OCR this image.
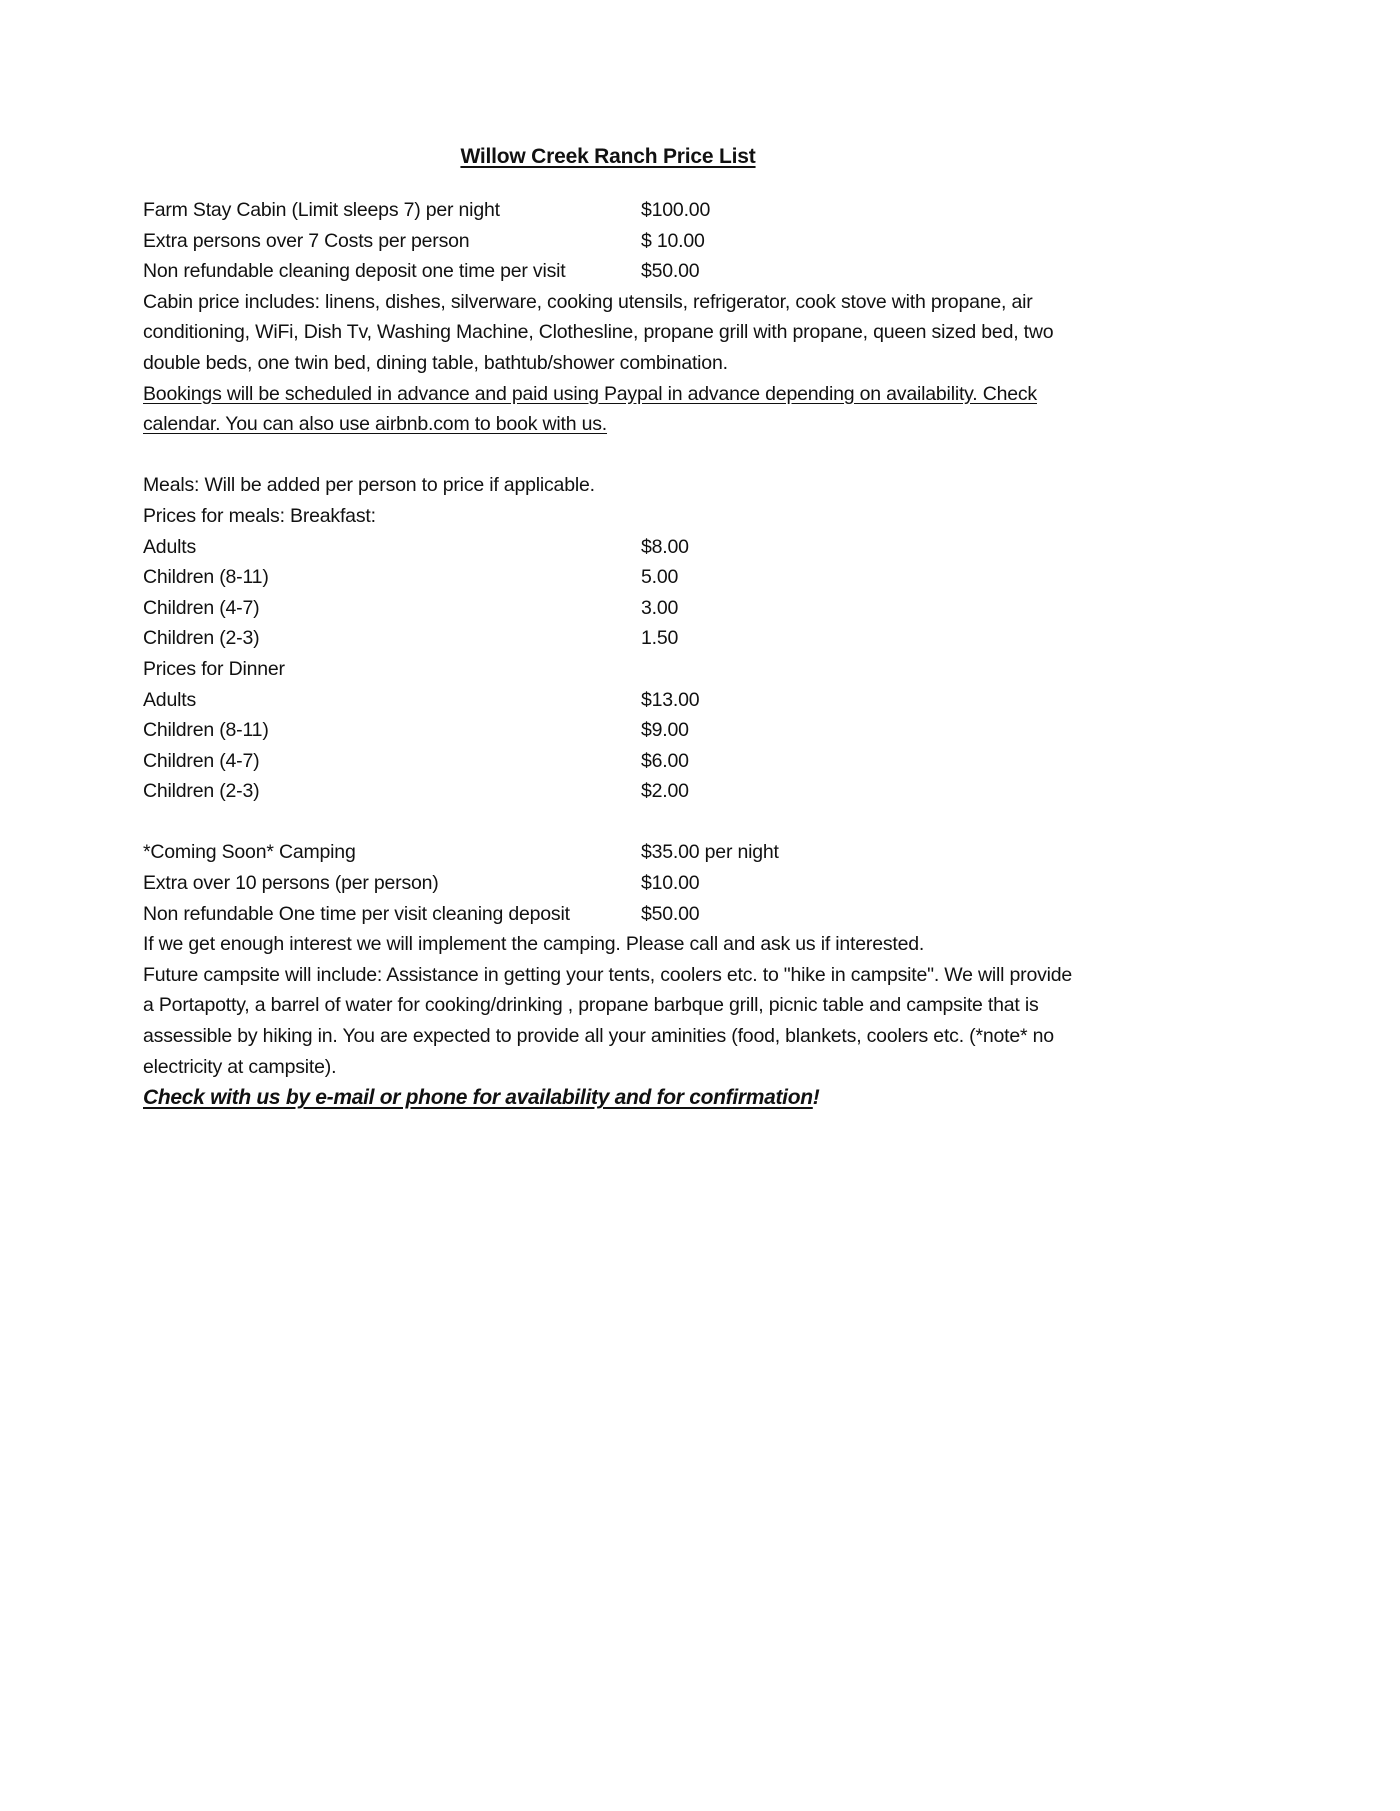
Willow Creek Ranch Price List
Farm Stay Cabin (Limit sleeps 7) per night	$100.00
Extra persons over 7 Costs per person	$ 10.00
Non refundable cleaning deposit one time per visit	$50.00
Cabin price includes: linens, dishes, silverware, cooking utensils, refrigerator, cook stove with propane, air conditioning, WiFi, Dish Tv, Washing Machine, Clothesline, propane grill with propane, queen sized bed, two double beds, one twin bed, dining table, bathtub/shower combination.
Bookings will be scheduled in advance and paid using Paypal in advance depending on availability. Check calendar. You can also use airbnb.com to book with us.
Meals: Will be added per person to price if applicable.
Prices for meals: Breakfast:
Adults	$8.00
Children (8-11)	5.00
Children (4-7)	3.00
Children (2-3)	1.50
Prices for Dinner
Adults	$13.00
Children (8-11)	$9.00
Children (4-7)	$6.00
Children (2-3)	$2.00
*Coming Soon* Camping	$35.00 per night
Extra over 10 persons (per person)	$10.00
Non refundable One time per visit cleaning deposit	$50.00
If we get enough interest we will implement the camping. Please call and ask us if interested.
Future campsite will include: Assistance in getting your tents, coolers etc. to "hike in campsite". We will provide a Portapotty, a barrel of water for cooking/drinking , propane barbque grill, picnic table and campsite that is assessible by hiking in. You are expected to provide all your aminities (food, blankets, coolers etc. (*note* no electricity at campsite).
Check with us by e-mail or phone for availability and for confirmation!
